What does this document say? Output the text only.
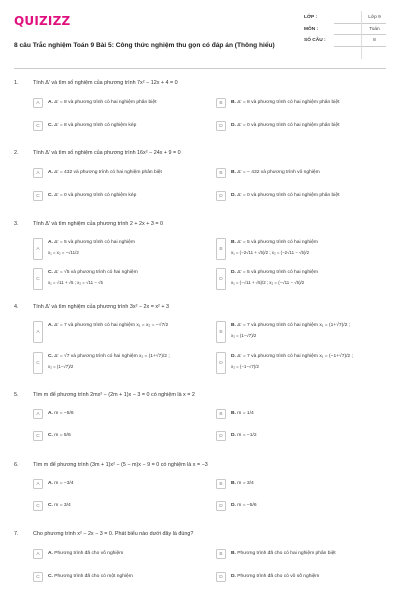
QUIZIZZ
8 câu Trắc nghiệm Toán 9 Bài 5: Công thức nghiệm thu gọn có đáp án (Thông hiểu)
LỚP :	Lớp 9
MÔN :	Toán
SỐ CÂU :	8
1.	Tính Δ' và tìm số nghiệm của phương trình 7x² − 12x + 4 = 0
A	A. Δ' = 8 và phương trình có hai nghiệm phân biệt	B	B. Δ' = 8 và phương trình có hai nghiệm phân biệt
C	C. Δ' = 8 và phương trình có nghiệm kép	D	D. Δ' = 0 và phương trình có hai nghiệm phân biệt
2.	Tính Δ' và tìm số nghiệm của phương trình 16x² − 24x + 9 = 0
A	A. Δ' = 432 và phương trình có hai nghiệm phân biệt	B	B. Δ' = − 432 và phương trình vô nghiệm
C	C. Δ' = 0 và phương trình có nghiệm kép	D	D. Δ' = 0 và phương trình có hai nghiệm phân biệt
3.	Tính Δ' và tìm nghiệm của phương trình 2 + 2x + 3 = 0
A
A. Δ' = 5 và phương trình có hai nghiệm
x₁ = x₂ = −√11/2
B
B. Δ' = 5 và phương trình có hai nghiệm
x₁ = (−2√11 + √5)/2 ; x₂ = (−2√11 − √5)/2
C
C. Δ' = √5 và phương trình có hai nghiệm
x₁ = √11 + √5 ; x₂ = √11 − √5
D
D. Δ' = 5 và phương trình có hai nghiệm
x₁ = (−√11 + √5)/2 ; x₂ = (−√11 − √5)/2
4.	Tính Δ' và tìm nghiệm của phương trình 3x² − 2x = x² + 3
A
A. Δ' = 7 và phương trình có hai nghiệm x₁ = x₂ = −√7/2
B
B. Δ' = 7 và phương trình có hai nghiệm x₁ = (1+√7)/2 ;
x₂ = (1−√7)/2
C
C. Δ' = √7 và phương trình có hai nghiệm x₁ = (1+√7)/2 ;
x₂ = (1−√7)/2
D
D. Δ' = 7 và phương trình có hai nghiệm x₁ = (−1+√7)/2 ;
x₂ = (−1−√7)/2
5.	Tìm m để phương trình 2mx² − (2m + 1)x − 3 = 0 có nghiệm là x = 2
A	A. m = −5/6	B	B. m = 1/4
C	C. m = 5/6	D	D. m = −1/2
6.	Tìm m để phương trình (3m + 1)x² − (5 − m)x − 9 = 0 có nghiệm là x = −3
A	A. m = −3/4	B	B. m = 3/4
C	C. m = 3/4	D	D. m = −5/6
7.	Cho phương trình x² − 2x − 3 = 0. Phát biểu nào dưới đây là đúng?
A	A. Phương trình đã cho vô nghiệm	B	B. Phương trình đã cho có hai nghiệm phân biệt
C	C. Phương trình đã cho có một nghiệm	D	D. Phương trình đã cho có vô số nghiệm
